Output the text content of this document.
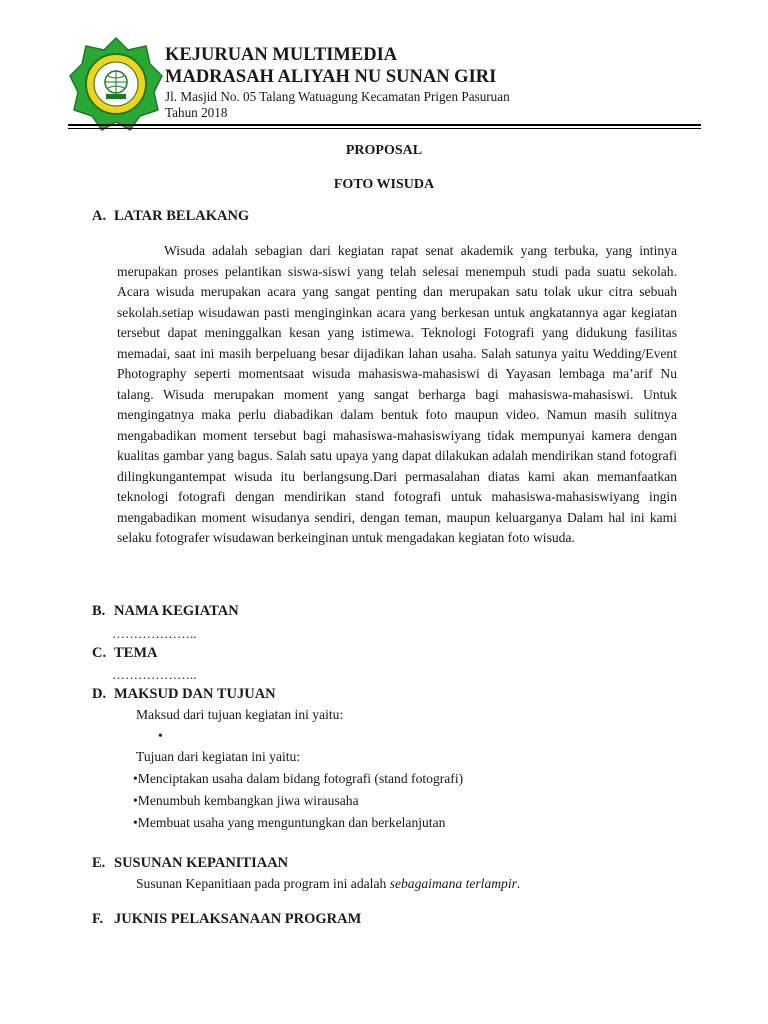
KEJURUAN MULTIMEDIA
MADRASAH ALIYAH NU SUNAN GIRI
Jl. Masjid No. 05 Talang Watuagung Kecamatan Prigen Pasuruan
Tahun 2018
PROPOSAL
FOTO WISUDA
A. LATAR BELAKANG
Wisuda adalah sebagian dari kegiatan rapat senat akademik yang terbuka, yang intinya merupakan proses pelantikan siswa-siswi yang telah selesai menempuh studi pada suatu sekolah. Acara wisuda merupakan acara yang sangat penting dan merupakan satu tolak ukur citra sebuah sekolah.setiap wisudawan pasti menginginkan acara yang berkesan untuk angkatannya agar kegiatan tersebut dapat meninggalkan kesan yang istimewa. Teknologi Fotografi yang didukung fasilitas memadai, saat ini masih berpeluang besar dijadikan lahan usaha. Salah satunya yaitu Wedding/Event Photography seperti momentsaat wisuda mahasiswa-mahasiswi di Yayasan lembaga ma’arif Nu talang. Wisuda merupakan moment yang sangat berharga bagi mahasiswa-mahasiswi. Untuk mengingatnya maka perlu diabadikan dalam bentuk foto maupun video. Namun masih sulitnya mengabadikan moment tersebut bagi mahasiswa-mahasiswiyang tidak mempunyai kamera dengan kualitas gambar yang bagus. Salah satu upaya yang dapat dilakukan adalah mendirikan stand fotografi dilingkungantempat wisuda itu berlangsung.Dari permasalahan diatas kami akan memanfaatkan teknologi fotografi dengan mendirikan stand fotografi untuk mahasiswa-mahasiswiyang ingin mengabadikan moment wisudanya sendiri, dengan teman, maupun keluarganya Dalam hal ini kami selaku fotografer wisudawan berkeinginan untuk mengadakan kegiatan foto wisuda.
B. NAMA KEGIATAN
………………..
C. TEMA
………………..
D. MAKSUD DAN TUJUAN
Maksud dari tujuan kegiatan ini yaitu:
•
Tujuan dari kegiatan ini yaitu:
•Menciptakan usaha dalam bidang fotografi (stand fotografi)
•Menumbuh kembangkan jiwa wirausaha
•Membuat usaha yang menguntungkan dan berkelanjutan
E. SUSUNAN KEPANITIAAN
Susunan Kepanitiaan pada program ini adalah sebagaimana terlampir.
F. JUKNIS PELAKSANAAN PROGRAM
